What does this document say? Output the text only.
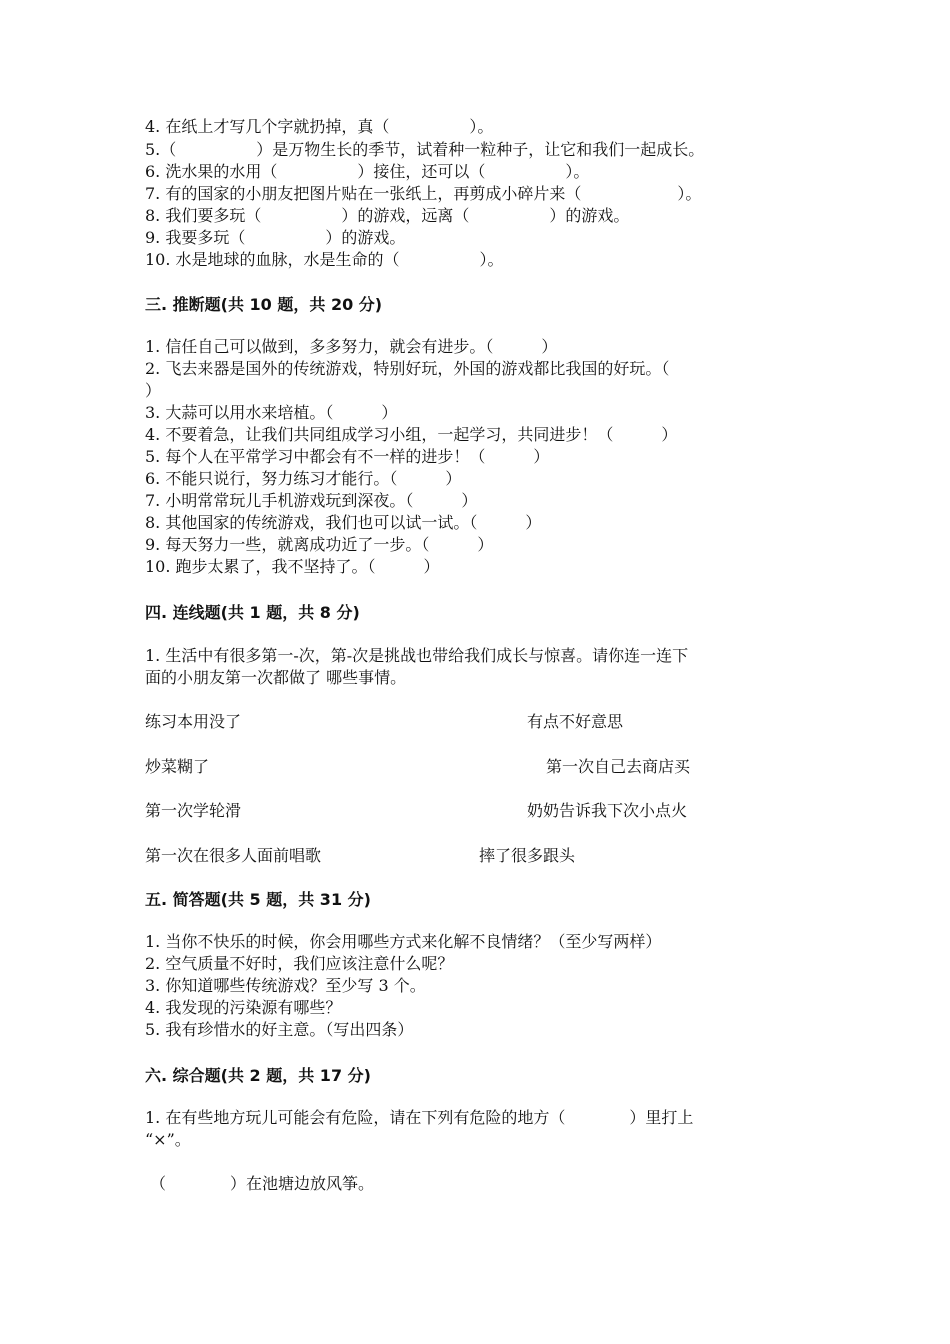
4. 在纸上才写几个字就扔掉，真（　　　　　）。
5.（　　　　　）是万物生长的季节，试着种一粒种子，让它和我们一起成长。
6. 洗水果的水用（　　　　　）接住，还可以（　　　　　）。
7. 有的国家的小朋友把图片贴在一张纸上，再剪成小碎片来（　　　　　　）。
8. 我们要多玩（　　　　　）的游戏，远离（　　　　　）的游戏。
9. 我要多玩（　　　　　）的游戏。
10. 水是地球的血脉，水是生命的（　　　　　）。
三. 推断题(共 10 题，共 20 分)
1. 信任自己可以做到，多多努力，就会有进步。（　　　）
2. 飞去来器是国外的传统游戏，特别好玩，外国的游戏都比我国的好玩。（
）
3. 大蒜可以用水来培植。（　　　）
4. 不要着急，让我们共同组成学习小组，一起学习，共同进步！（　　　）
5. 每个人在平常学习中都会有不一样的进步！（　　　）
6. 不能只说行，努力练习才能行。（　　　）
7. 小明常常玩儿手机游戏玩到深夜。（　　　）
8. 其他国家的传统游戏，我们也可以试一试。（　　　）
9. 每天努力一些，就离成功近了一步。（　　　）
10. 跑步太累了，我不坚持了。（　　　）
四. 连线题(共 1 题，共 8 分)
1. 生活中有很多第一-次，第-次是挑战也带给我们成长与惊喜。请你连一连下
面的小朋友第一次都做了 哪些事情。
练习本用没了	有点不好意思
炒菜糊了	第一次自己去商店买
第一次学轮滑	奶奶告诉我下次小点火
第一次在很多人面前唱歌	摔了很多跟头
五. 简答题(共 5 题，共 31 分)
1. 当你不快乐的时候，你会用哪些方式来化解不良情绪？（至少写两样）
2. 空气质量不好时，我们应该注意什么呢？
3. 你知道哪些传统游戏？至少写 3 个。
4. 我发现的污染源有哪些？
5. 我有珍惜水的好主意。（写出四条）
六. 综合题(共 2 题，共 17 分)
1. 在有些地方玩儿可能会有危险，请在下列有危险的地方（　　　　）里打上
“×”。
（　　　　）在池塘边放风筝。
